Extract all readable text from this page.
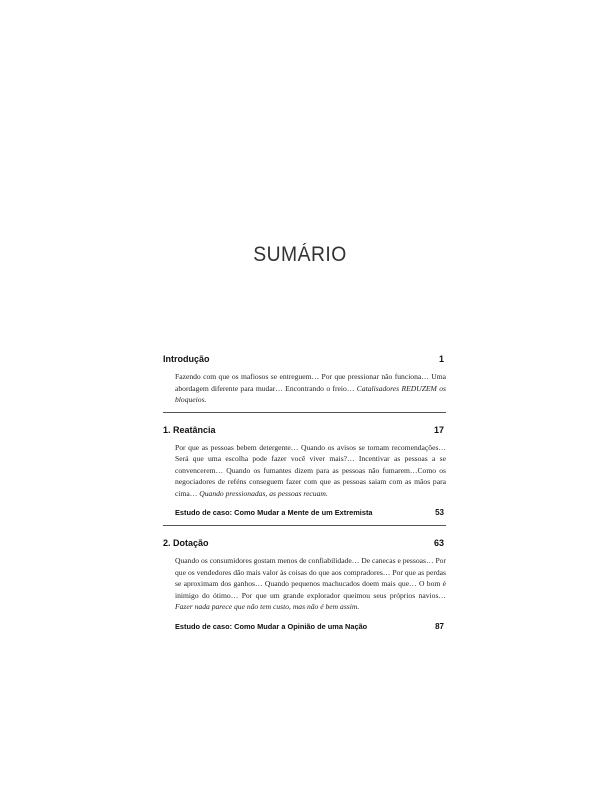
SUMÁRIO
Introdução	1
Fazendo com que os mafiosos se entreguem… Por que pressionar não funciona… Uma abordagem diferente para mudar… Encontrando o freio… Catalisadores REDUZEM os bloqueios.
1. Reatância	17
Por que as pessoas bebem detergente… Quando os avisos se tornam recomendações… Será que uma escolha pode fazer você viver mais?… Incentivar as pessoas a se convencerem… Quando os fumantes dizem para as pessoas não fumarem…Como os negociadores de reféns conseguem fazer com que as pessoas saiam com as mãos para cima… Quando pressionadas, as pessoas recuam.
Estudo de caso: Como Mudar a Mente de um Extremista	53
2. Dotação	63
Quando os consumidores gostam menos de confiabilidade… De canecas e pessoas… Por que os vendedores dão mais valor às coisas do que aos compradores… Por que as perdas se aproximam dos ganhos… Quando pequenos machucados doem mais que… O bom é inimigo do ótimo… Por que um grande explorador queimou seus próprios navios… Fazer nada parece que não tem custo, mas não é bem assim.
Estudo de caso: Como Mudar a Opinião de uma Nação	87
